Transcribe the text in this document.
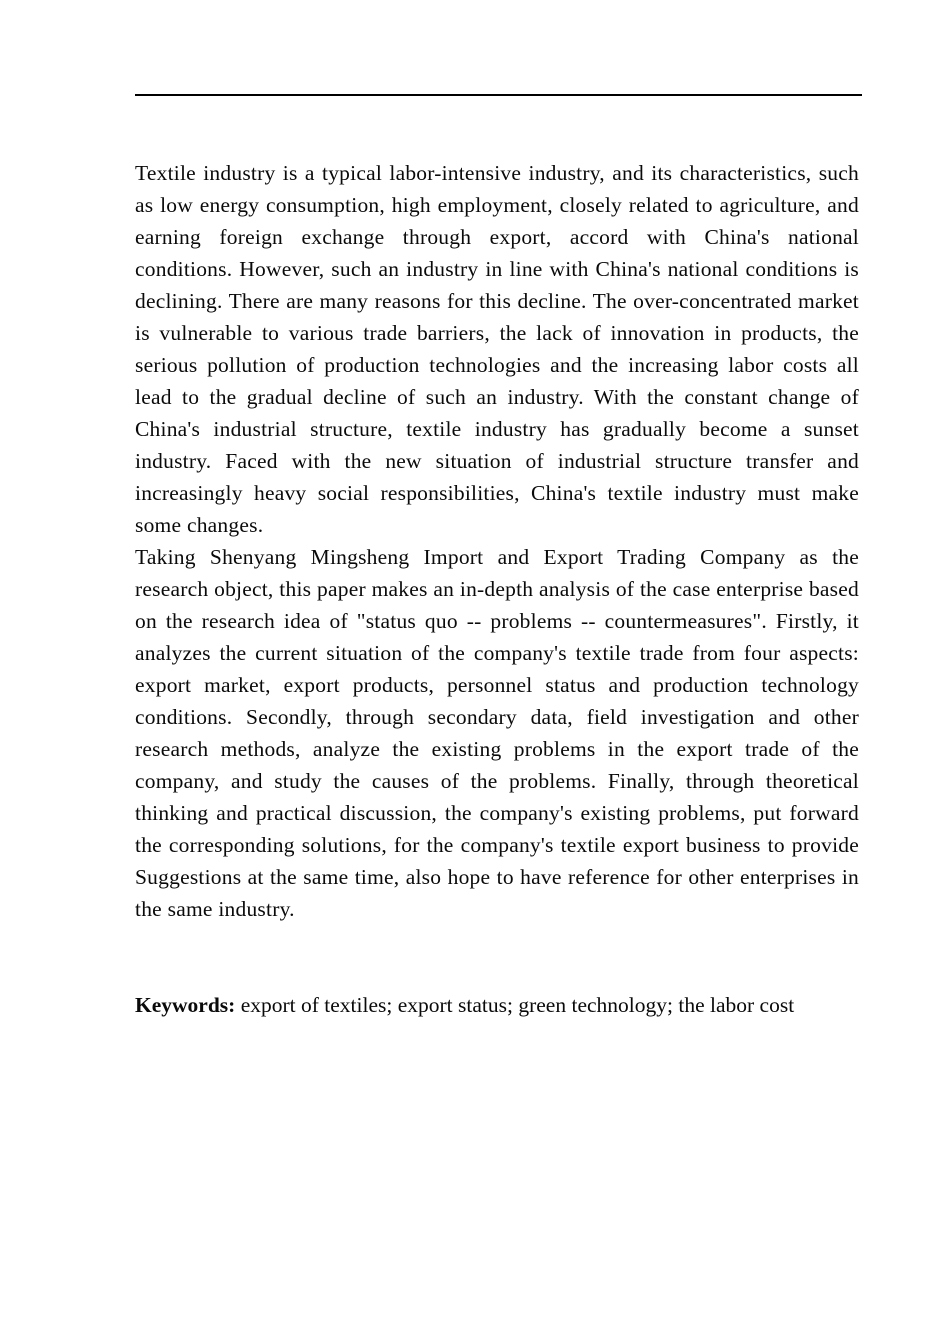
Textile industry is a typical labor-intensive industry, and its characteristics, such as low energy consumption, high employment, closely related to agriculture, and earning foreign exchange through export, accord with China's national conditions. However, such an industry in line with China's national conditions is declining. There are many reasons for this decline. The over-concentrated market is vulnerable to various trade barriers, the lack of innovation in products, the serious pollution of production technologies and the increasing labor costs all lead to the gradual decline of such an industry. With the constant change of China's industrial structure, textile industry has gradually become a sunset industry. Faced with the new situation of industrial structure transfer and increasingly heavy social responsibilities, China's textile industry must make some changes.

Taking Shenyang Mingsheng Import and Export Trading Company as the research object, this paper makes an in-depth analysis of the case enterprise based on the research idea of "status quo -- problems -- countermeasures". Firstly, it analyzes the current situation of the company's textile trade from four aspects: export market, export products, personnel status and production technology conditions. Secondly, through secondary data, field investigation and other research methods, analyze the existing problems in the export trade of the company, and study the causes of the problems. Finally, through theoretical thinking and practical discussion, the company's existing problems, put forward the corresponding solutions, for the company's textile export business to provide Suggestions at the same time, also hope to have reference for other enterprises in the same industry.

Keywords: export of textiles; export status; green technology; the labor cost
